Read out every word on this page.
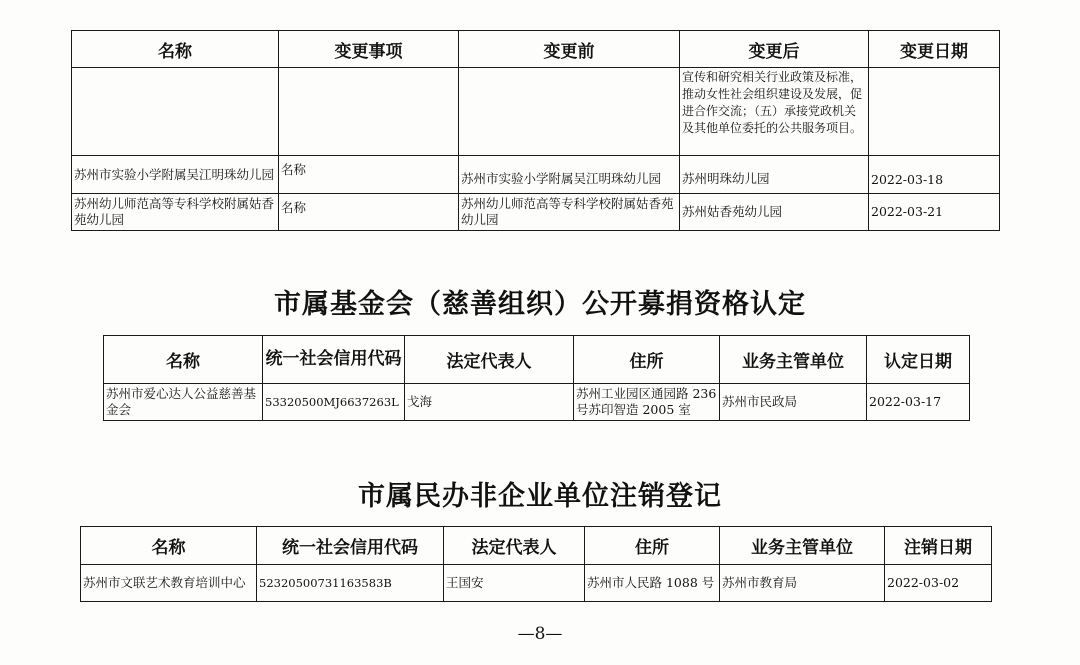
名称	变更事项	变更前	变更后	变更日期
			宣传和研究相关行业政策及标准，推动女性社会组织建设及发展，促进合作交流；（五）承接党政机关及其他单位委托的公共服务项目。	
苏州市实验小学附属吴江明珠幼儿园	名称	苏州市实验小学附属吴江明珠幼儿园	苏州明珠幼儿园	2022-03-18
苏州幼儿师范高等专科学校附属姑香苑幼儿园	名称	苏州幼儿师范高等专科学校附属姑香苑幼儿园	苏州姑香苑幼儿园	2022-03-21
市属基金会（慈善组织）公开募捐资格认定
名称	统一社会信用代码	法定代表人	住所	业务主管单位	认定日期
苏州市爱心达人公益慈善基金会	53320500MJ6637263L	戈海	苏州工业园区通园路 236 号苏印智造 2005 室	苏州市民政局	2022-03-17
市属民办非企业单位注销登记
名称	统一社会信用代码	法定代表人	住所	业务主管单位	注销日期
苏州市文联艺术教育培训中心	52320500731163583B	王国安	苏州市人民路 1088 号	苏州市教育局	2022-03-02
—8—
